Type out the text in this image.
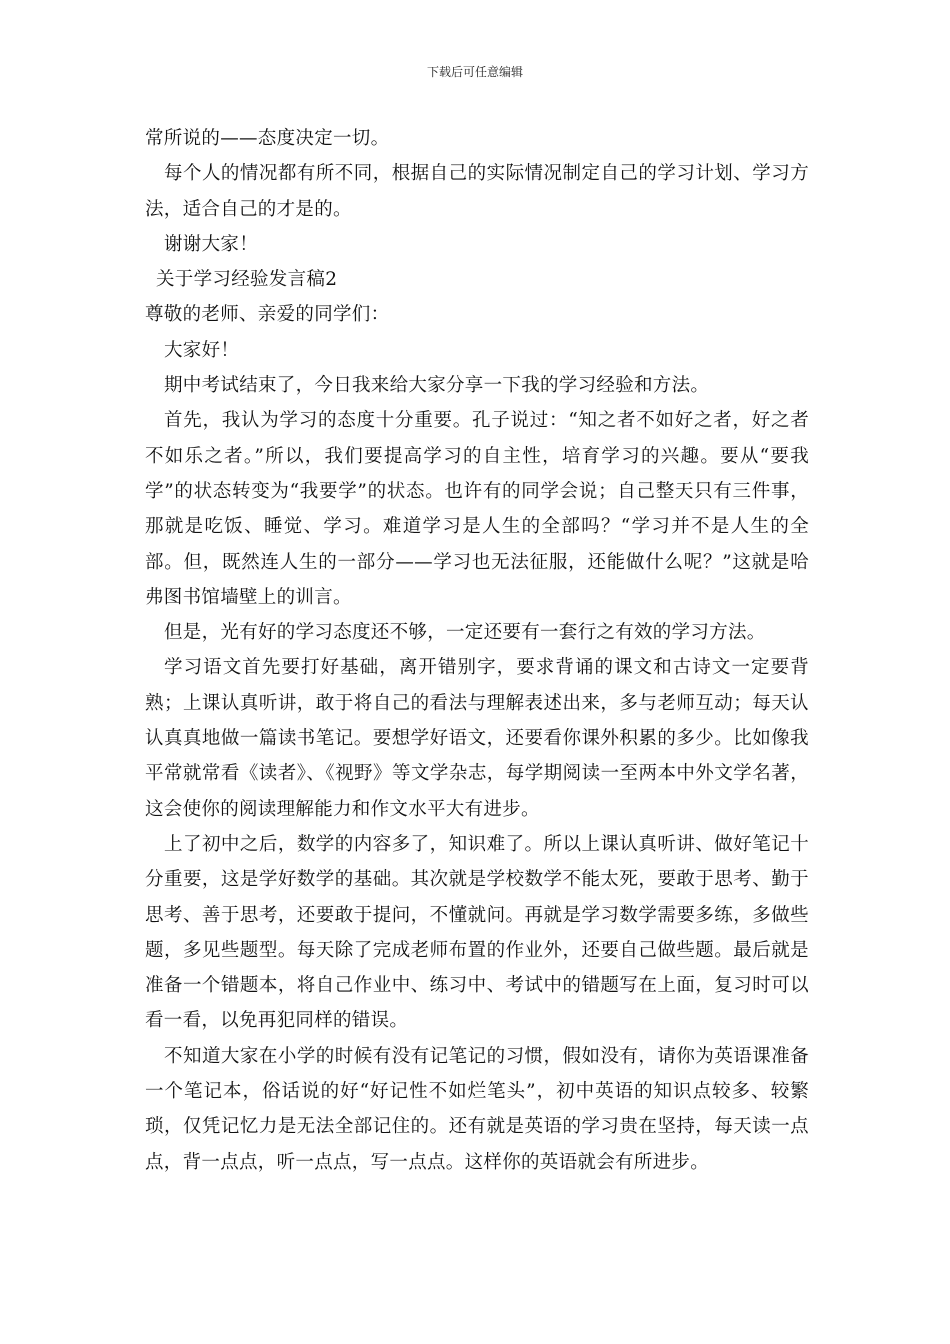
下载后可任意编辑

常所说的——态度决定一切。

每个人的情况都有所不同，根据自己的实际情况制定自己的学习计划、学习方法，适合自己的才是的。

谢谢大家！

关于学习经验发言稿2

尊敬的老师、亲爱的同学们：

大家好！

期中考试结束了，今日我来给大家分享一下我的学习经验和方法。

首先，我认为学习的态度十分重要。孔子说过：“知之者不如好之者，好之者不如乐之者。”所以，我们要提高学习的自主性，培育学习的兴趣。要从“要我学”的状态转变为“我要学”的状态。也许有的同学会说；自己整天只有三件事，那就是吃饭、睡觉、学习。难道学习是人生的全部吗？“学习并不是人生的全部。但，既然连人生的一部分——学习也无法征服，还能做什么呢？”这就是哈弗图书馆墙壁上的训言。

但是，光有好的学习态度还不够，一定还要有一套行之有效的学习方法。

学习语文首先要打好基础，离开错别字，要求背诵的课文和古诗文一定要背熟；上课认真听讲，敢于将自己的看法与理解表述出来，多与老师互动；每天认认真真地做一篇读书笔记。要想学好语文，还要看你课外积累的多少。比如像我平常就常看《读者》、《视野》等文学杂志，每学期阅读一至两本中外文学名著，这会使你的阅读理解能力和作文水平大有进步。

上了初中之后，数学的内容多了，知识难了。所以上课认真听讲、做好笔记十分重要，这是学好数学的基础。其次就是学校数学不能太死，要敢于思考、勤于思考、善于思考，还要敢于提问，不懂就问。再就是学习数学需要多练，多做些题，多见些题型。每天除了完成老师布置的作业外，还要自己做些题。最后就是准备一个错题本，将自己作业中、练习中、考试中的错题写在上面，复习时可以看一看，以免再犯同样的错误。

不知道大家在小学的时候有没有记笔记的习惯，假如没有，请你为英语课准备一个笔记本，俗话说的好“好记性不如烂笔头”，初中英语的知识点较多、较繁琐，仅凭记忆力是无法全部记住的。还有就是英语的学习贵在坚持，每天读一点点，背一点点，听一点点，写一点点。这样你的英语就会有所进步。
